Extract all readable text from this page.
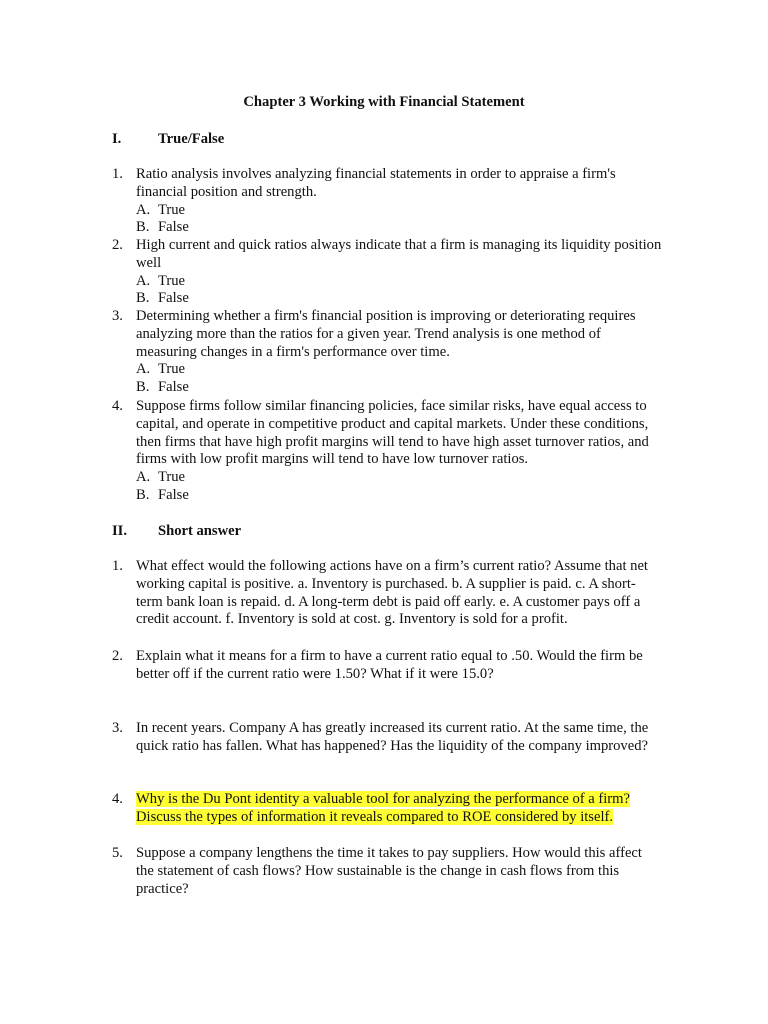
Chapter 3 Working with Financial Statement
I.	True/False
1. Ratio analysis involves analyzing financial statements in order to appraise a firm's
financial position and strength.
A. True
B. False
2. High current and quick ratios always indicate that a firm is managing its liquidity position
well
A. True
B. False
3. Determining whether a firm's financial position is improving or deteriorating requires
analyzing more than the ratios for a given year. Trend analysis is one method of
measuring changes in a firm's performance over time.
A. True
B. False
4. Suppose firms follow similar financing policies, face similar risks, have equal access to
capital, and operate in competitive product and capital markets. Under these conditions,
then firms that have high profit margins will tend to have high asset turnover ratios, and
firms with low profit margins will tend to have low turnover ratios.
A. True
B. False
II. Short answer
1. What effect would the following actions have on a firm’s current ratio? Assume that net
working capital is positive. a. Inventory is purchased. b. A supplier is paid. c. A short-
term bank loan is repaid. d. A long-term debt is paid off early. e. A customer pays off a
credit account. f. Inventory is sold at cost. g. Inventory is sold for a profit.
2. Explain what it means for a firm to have a current ratio equal to .50. Would the firm be
better off if the current ratio were 1.50? What if it were 15.0?
3. In recent years. Company A has greatly increased its current ratio. At the same time, the
quick ratio has fallen. What has happened? Has the liquidity of the company improved?
4. Why is the Du Pont identity a valuable tool for analyzing the performance of a firm?
Discuss the types of information it reveals compared to ROE considered by itself.
5. Suppose a company lengthens the time it takes to pay suppliers. How would this affect
the statement of cash flows? How sustainable is the change in cash flows from this
practice?
